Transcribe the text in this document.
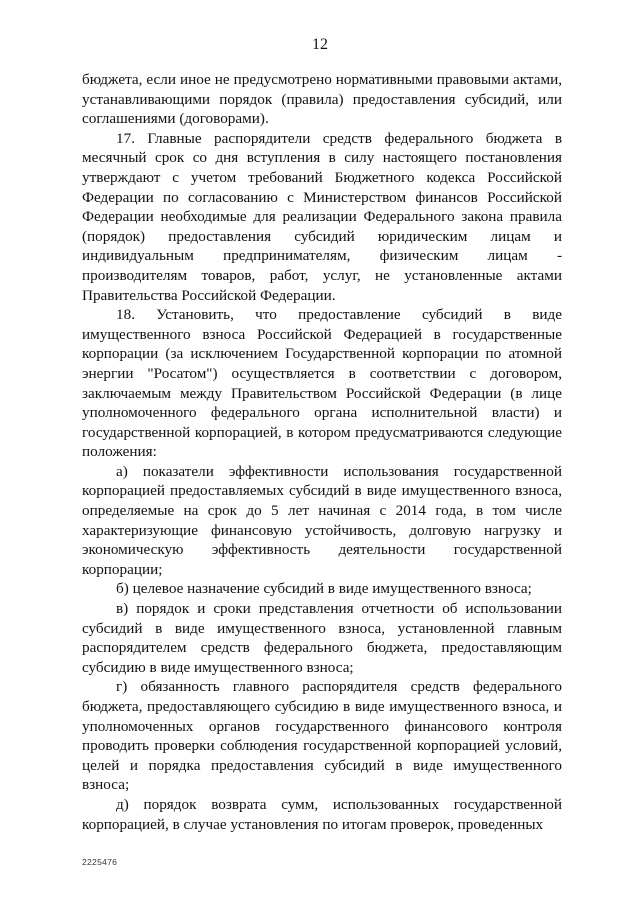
12

бюджета, если иное не предусмотрено нормативными правовыми актами, устанавливающими порядок (правила) предоставления субсидий, или соглашениями (договорами).

17. Главные распорядители средств федерального бюджета в месячный срок со дня вступления в силу настоящего постановления утверждают с учетом требований Бюджетного кодекса Российской Федерации по согласованию с Министерством финансов Российской Федерации необходимые для реализации Федерального закона правила (порядок) предоставления субсидий юридическим лицам и индивидуальным предпринимателям, физическим лицам - производителям товаров, работ, услуг, не установленные актами Правительства Российской Федерации.

18. Установить, что предоставление субсидий в виде имущественного взноса Российской Федерацией в государственные корпорации (за исключением Государственной корпорации по атомной энергии "Росатом") осуществляется в соответствии с договором, заключаемым между Правительством Российской Федерации (в лице уполномоченного федерального органа исполнительной власти) и государственной корпорацией, в котором предусматриваются следующие положения:

а) показатели эффективности использования государственной корпорацией предоставляемых субсидий в виде имущественного взноса, определяемые на срок до 5 лет начиная с 2014 года, в том числе характеризующие финансовую устойчивость, долговую нагрузку и экономическую эффективность деятельности государственной корпорации;

б) целевое назначение субсидий в виде имущественного взноса;

в) порядок и сроки представления отчетности об использовании субсидий в виде имущественного взноса, установленной главным распорядителем средств федерального бюджета, предоставляющим субсидию в виде имущественного взноса;

г) обязанность главного распорядителя средств федерального бюджета, предоставляющего субсидию в виде имущественного взноса, и уполномоченных органов государственного финансового контроля проводить проверки соблюдения государственной корпорацией условий, целей и порядка предоставления субсидий в виде имущественного взноса;

д) порядок возврата сумм, использованных государственной корпорацией, в случае установления по итогам проверок, проведенных

2225476
